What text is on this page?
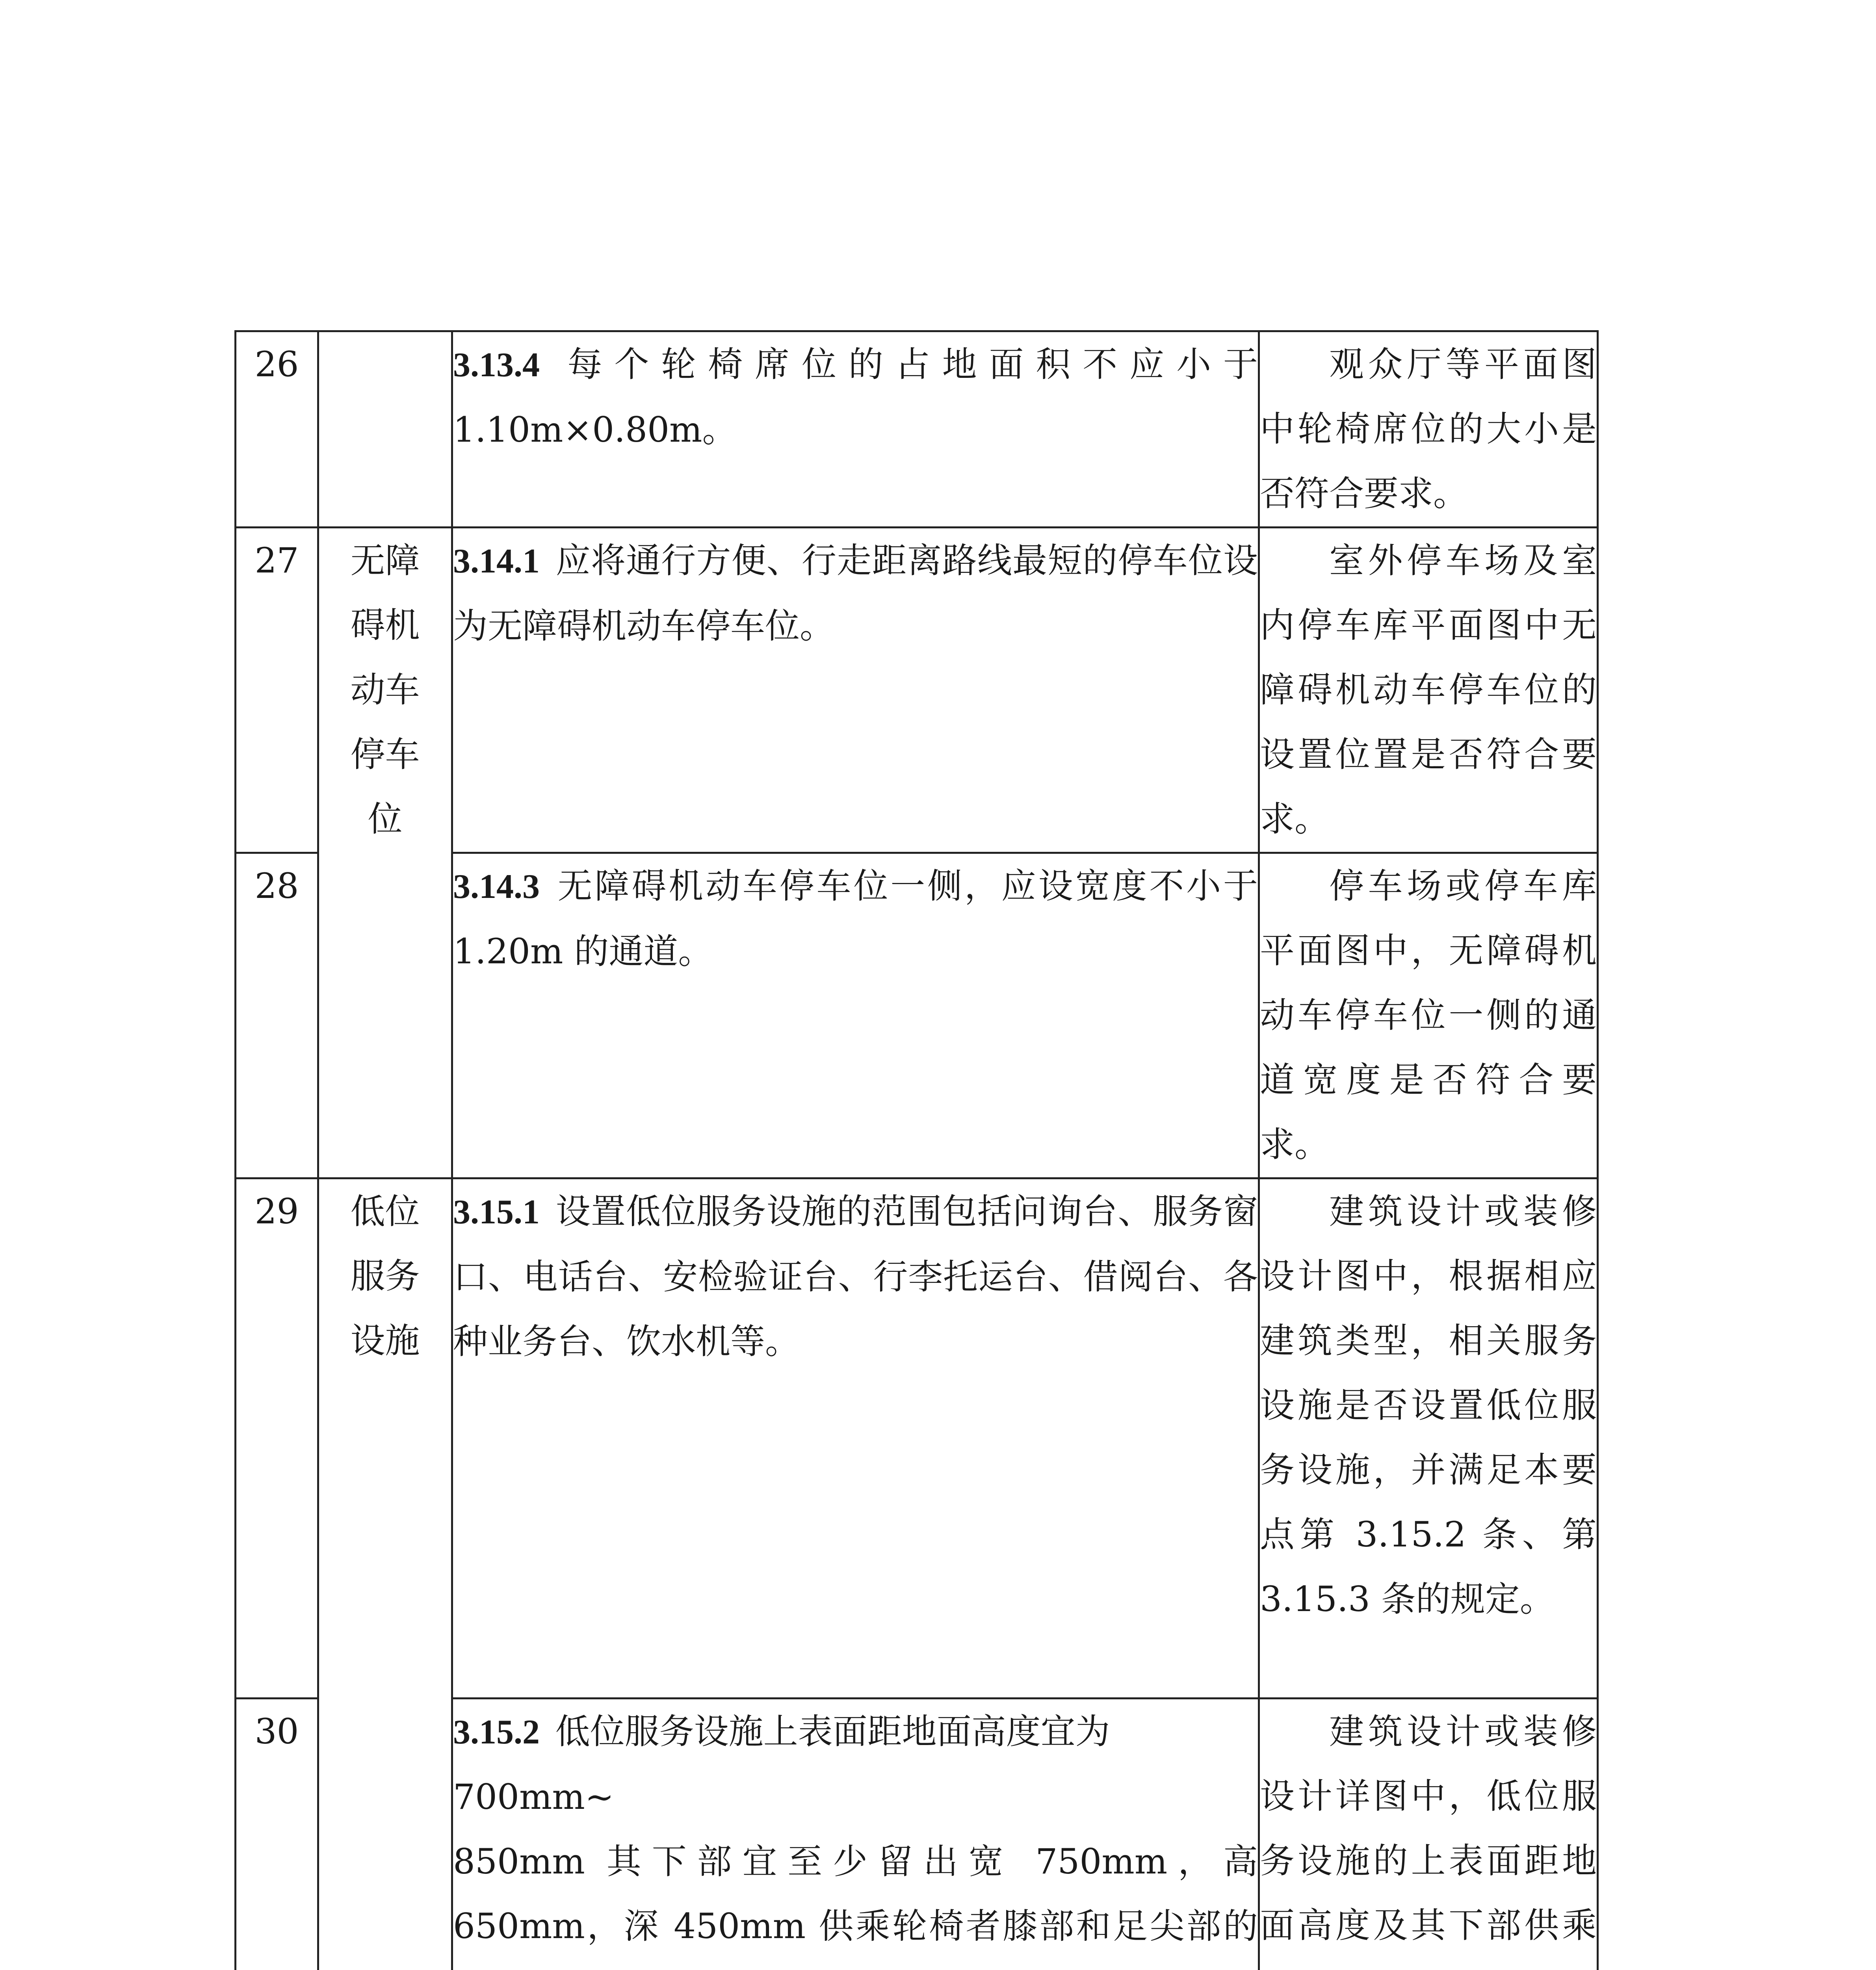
26		3.13.4 每个轮椅席位的占地面积不应小于 1.10m×0.80m。	观众厅等平面图中轮椅席位的大小是否符合要求。
27	无障
碍机
动车
停车
位	3.14.1 应将通行方便、行走距离路线最短的停车位设为无障碍机动车停车位。	室外停车场及室内停车库平面图中无障碍机动车停车位的设置位置是否符合要求。
28		3.14.3 无障碍机动车停车位一侧，应设宽度不小于 1.20m 的通道。	停车场或停车库平面图中，无障碍机动车停车位一侧的通道宽度是否符合要求。
29	低位
服务
设施	3.15.1 设置低位服务设施的范围包括问询台、服务窗口、电话台、安检验证台、行李托运台、借阅台、各种业务台、饮水机等。	建筑设计或装修设计图中，根据相应建筑类型，相关服务设施是否设置低位服务设施，并满足本要点第 3.15.2 条、第 3.15.3 条的规定。
30		3.15.2 低位服务设施上表面距地面高度宜为
700mm~
850mm 其下部宜至少留出宽 750mm，高 650mm，深 450mm 供乘轮椅者膝部和足尖部的	建筑设计或装修设计详图中，低位服务设施的上表面距地面高度及其下部供乘
